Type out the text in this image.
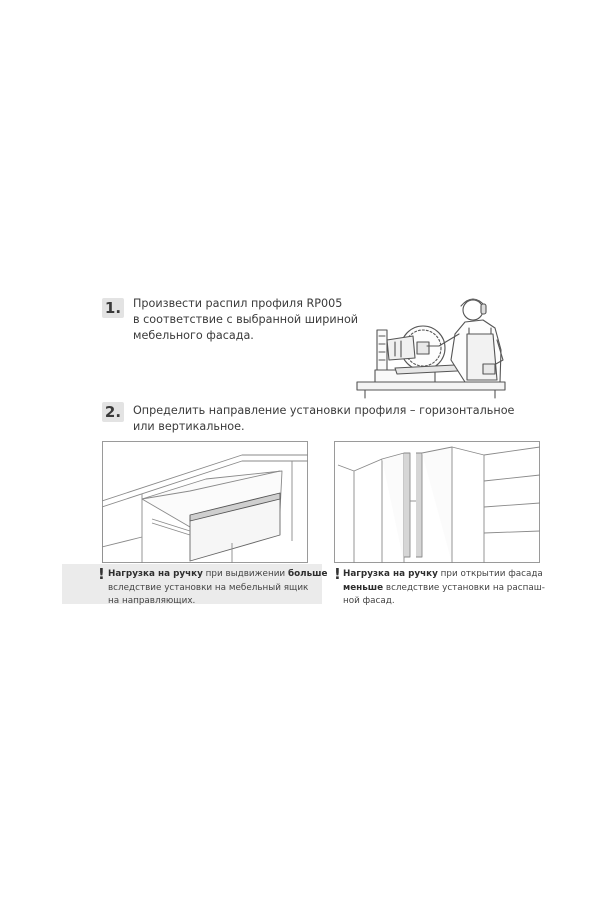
1. Произвести распил профиля RP005
в соответствие с выбранной шириной
мебельного фасада.
2. Определить направление установки профиля – горизонтальное
или вертикальное.
! Нагрузка на ручку при выдвижении больше
вследствие установки на мебельный ящик
на направляющих.
! Нагрузка на ручку при открытии фасада
меньше вследствие установки на распаш-
ной фасад.
